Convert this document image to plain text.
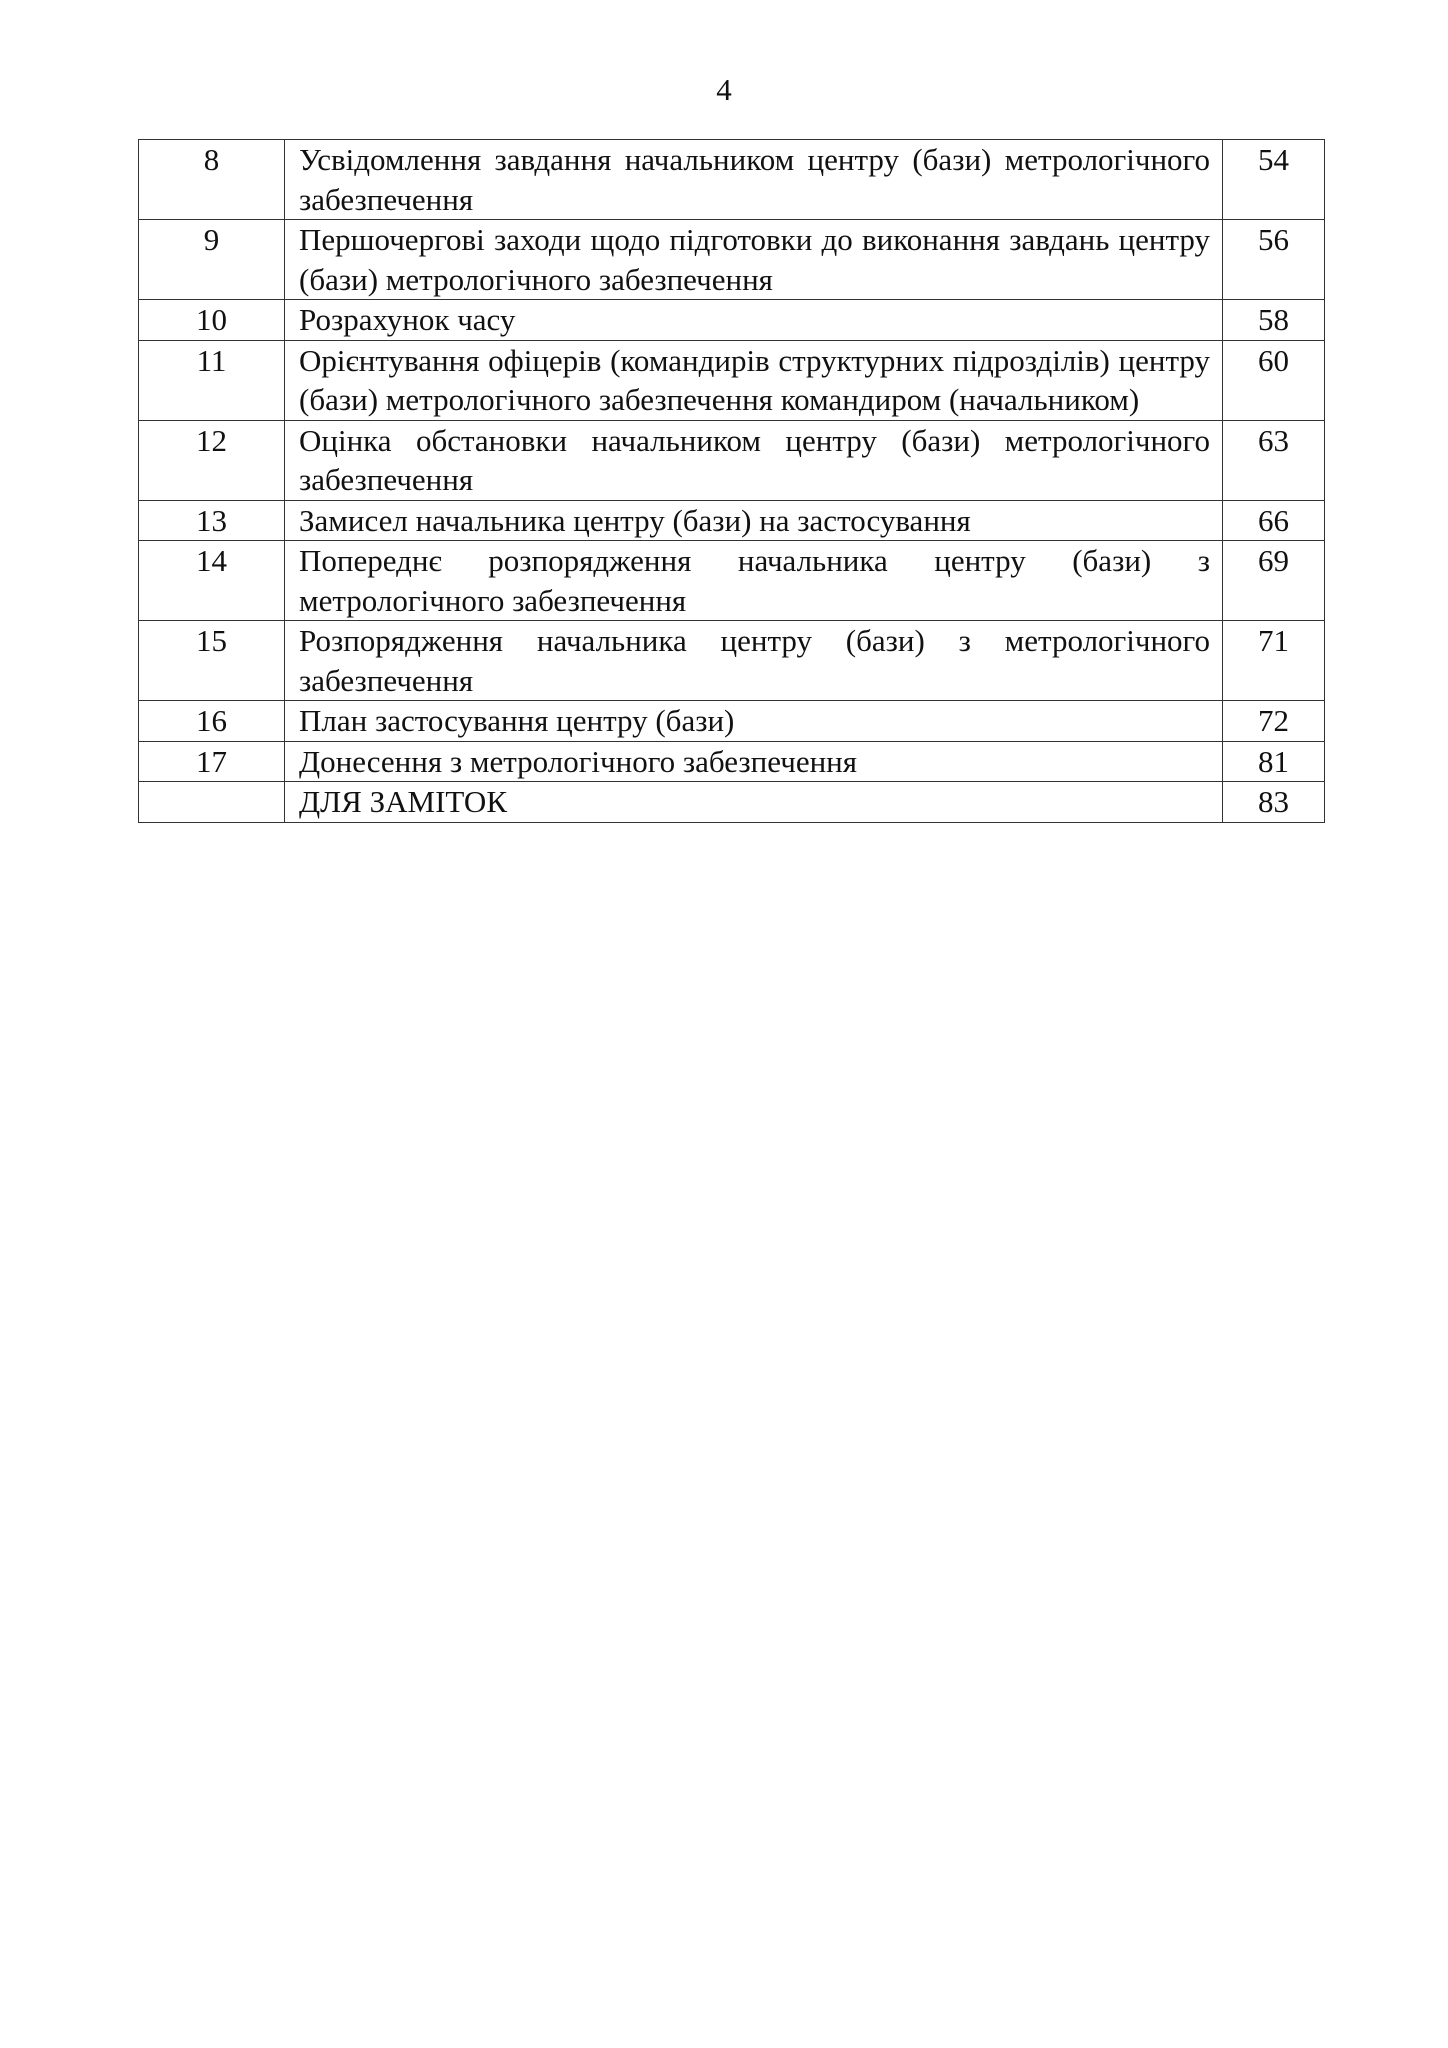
4
8	Усвідомлення завдання начальником центру (бази) метрологічного забезпечення	54
9	Першочергові заходи щодо підготовки до виконання завдань центру (бази) метрологічного забезпечення	56
10	Розрахунок часу	58
11	Орієнтування офіцерів (командирів структурних підрозділів) центру (бази) метрологічного забезпечення командиром (начальником)	60
12	Оцінка обстановки начальником центру (бази) метрологічного забезпечення	63
13	Замисел начальника центру (бази) на застосування	66
14	Попереднє розпорядження начальника центру (бази) з метрологічного забезпечення	69
15	Розпорядження начальника центру (бази) з метрологічного забезпечення	71
16	План застосування центру (бази)	72
17	Донесення з метрологічного забезпечення	81
	ДЛЯ ЗАМІТОК	83
